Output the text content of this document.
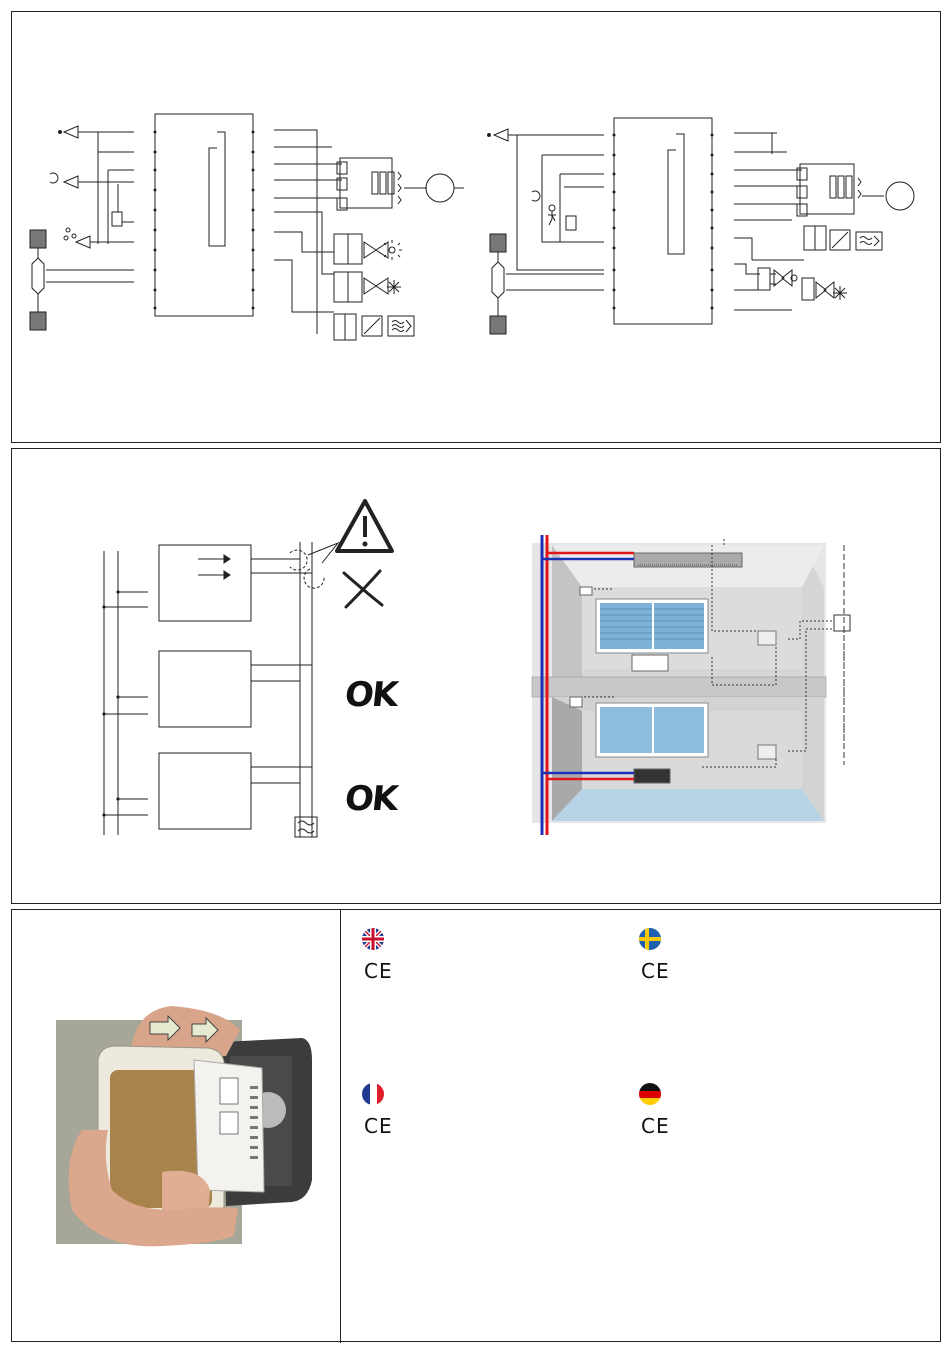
OK
OK
CE	CE
CE	CE
